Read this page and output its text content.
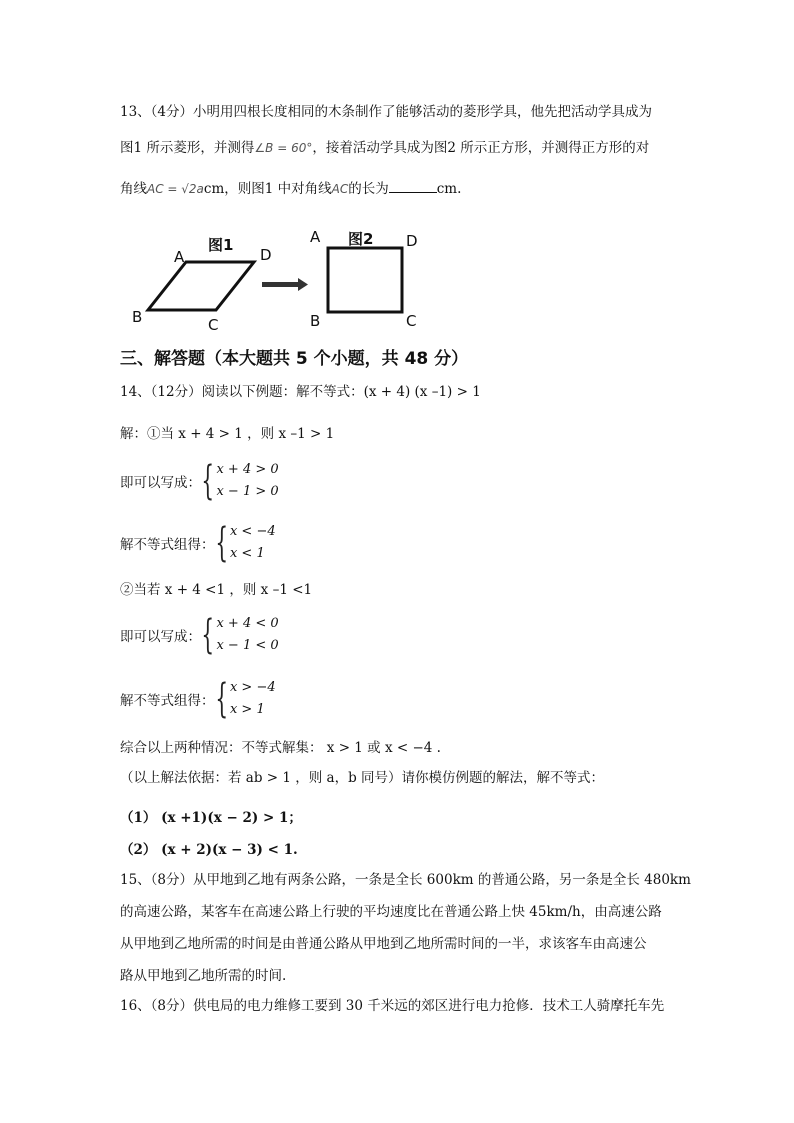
13、（4分）小明用四根长度相同的木条制作了能够活动的菱形学具，他先把活动学具成为
图1 所示菱形，并测得∠B = 60°，接着活动学具成为图2 所示正方形，并测得正方形的对
角线AC = √2acm，则图1 中对角线AC的长为	cm.
图1
A	D
B	C
图2
A	D
B	C
三、解答题（本大题共 5 个小题，共 48 分）
14、（12分）阅读以下例题：解不等式：(x + 4) (x –1) > 1
解：①当 x + 4 > 1 ，则 x –1 > 1
即可以写成： { x + 4 > 0
x − 1 > 0
解不等式组得： { x < −4
x < 1
②当若 x + 4 <1 ，则 x –1 <1
即可以写成： { x + 4 < 0
x − 1 < 0
解不等式组得： { x > −4
x > 1
综合以上两种情况：不等式解集： x > 1 或 x < −4 .
（以上解法依据：若 ab > 1 ，则 a，b 同号）请你模仿例题的解法，解不等式：
（1） (x +1)(x − 2) > 1；
（2） (x + 2)(x − 3) < 1.
15、（8分）从甲地到乙地有两条公路，一条是全长 600km 的普通公路，另一条是全长 480km
的高速公路，某客车在高速公路上行驶的平均速度比在普通公路上快 45km/h，由高速公路
从甲地到乙地所需的时间是由普通公路从甲地到乙地所需时间的一半，求该客车由高速公
路从甲地到乙地所需的时间.
16、（8分）供电局的电力维修工要到 30 千米远的郊区进行电力抢修．技术工人骑摩托车先
